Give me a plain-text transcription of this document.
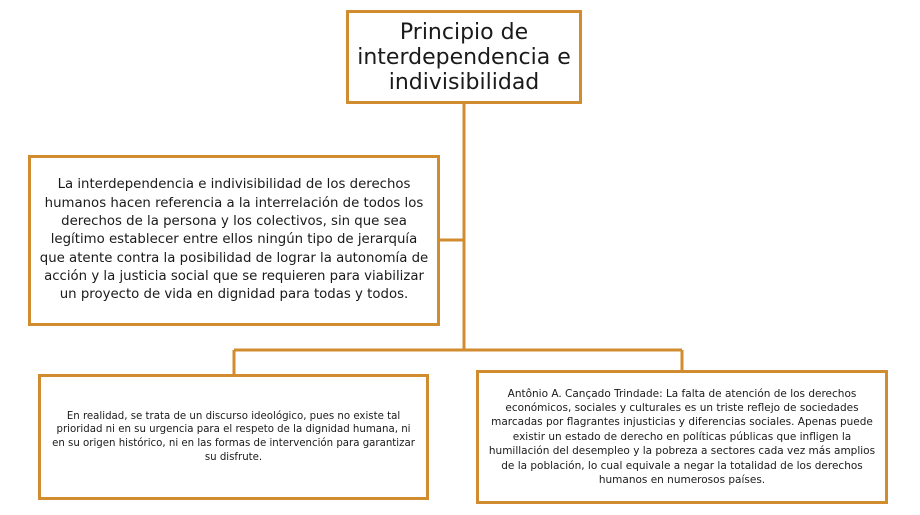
Principio de interdependencia e indivisibilidad
La interdependencia e indivisibilidad de los derechos humanos hacen referencia a la interrelación de todos los derechos de la persona y los colectivos, sin que sea legítimo establecer entre ellos ningún tipo de jerarquía que atente contra la posibilidad de lograr la autonomía de acción y la justicia social que se requieren para viabilizar un proyecto de vida en dignidad para todas y todos.
En realidad, se trata de un discurso ideológico, pues no existe tal prioridad ni en su urgencia para el respeto de la dignidad humana, ni en su origen histórico, ni en las formas de intervención para garantizar su disfrute.
Antônio A. Cançado Trindade: La falta de atención de los derechos económicos, sociales y culturales es un triste reflejo de sociedades marcadas por flagrantes injusticias y diferencias sociales. Apenas puede existir un estado de derecho en políticas públicas que infligen la humillación del desempleo y la pobreza a sectores cada vez más amplios de la población, lo cual equivale a negar la totalidad de los derechos humanos en numerosos países.
